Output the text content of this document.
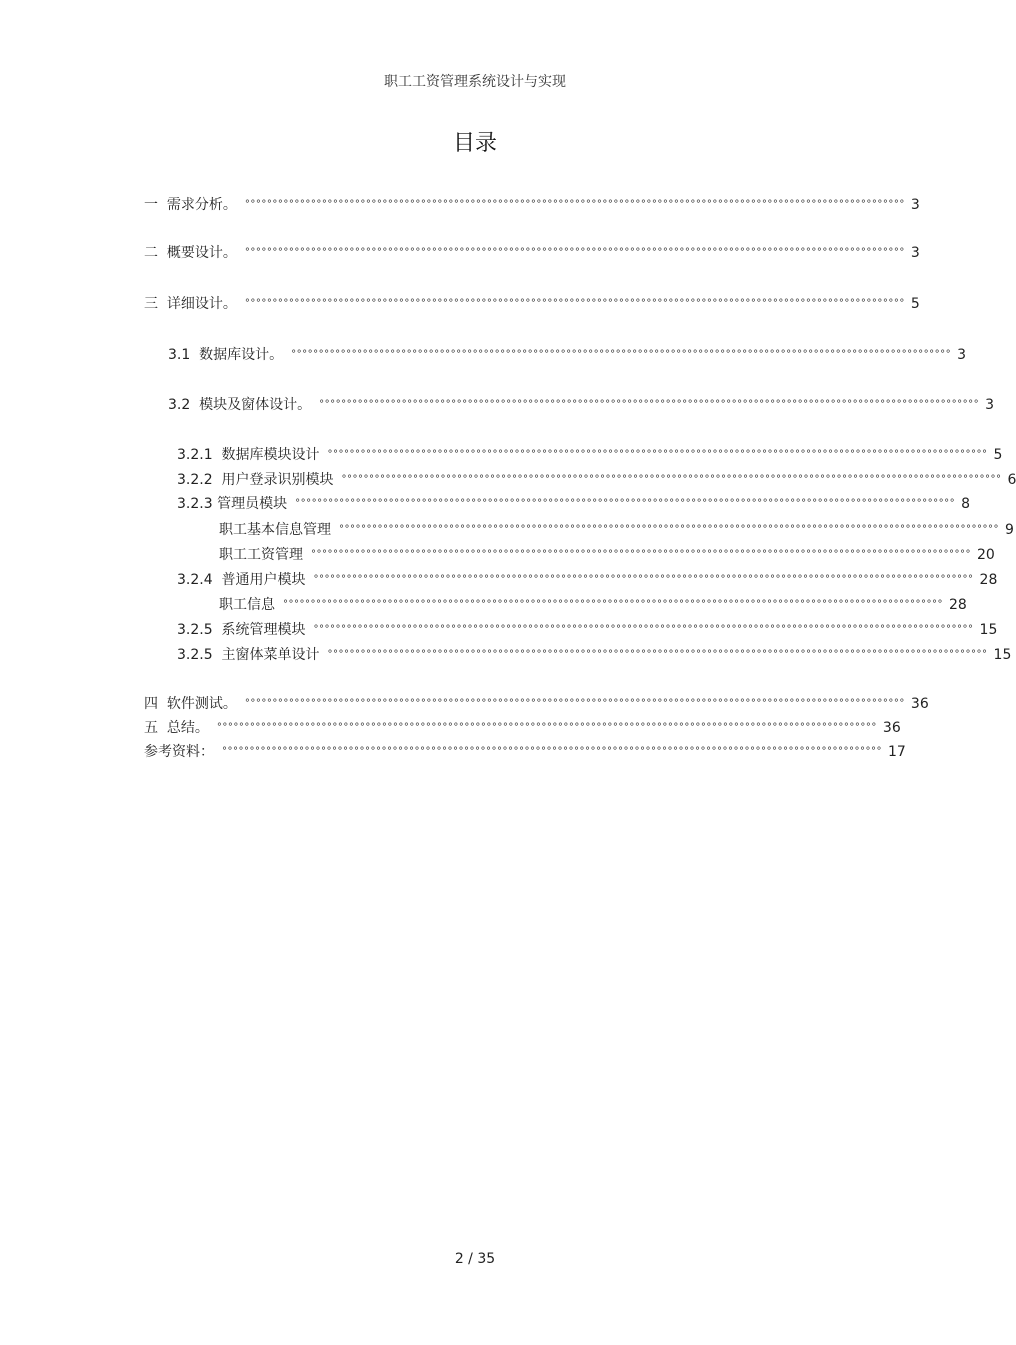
职工工资管理系统设计与实现
目录
一 需求分析。 °°°°°°°°°°°°°°°°°°°°°°°°°°°°°°°°°°°°°°°°°°°°°°°°°°°°°°°°°°°°°°°°°°°°°°°°°°°°°°°°°°°°°°°°°°°°°°°°°°°°°°°°°°°°°°°°°°°°°°°° 3
二 概要设计。 °°°°°°°°°°°°°°°°°°°°°°°°°°°°°°°°°°°°°°°°°°°°°°°°°°°°°°°°°°°°°°°°°°°°°°°°°°°°°°°°°°°°°°°°°°°°°°°°°°°°°°°°°°°°°°°°°°°°°°°° 3
三 详细设计。 °°°°°°°°°°°°°°°°°°°°°°°°°°°°°°°°°°°°°°°°°°°°°°°°°°°°°°°°°°°°°°°°°°°°°°°°°°°°°°°°°°°°°°°°°°°°°°°°°°°°°°°°°°°°°°°°°°°°°°°° 5
3.1 数据库设计。 °°°°°°°°°°°°°°°°°°°°°°°°°°°°°°°°°°°°°°°°°°°°°°°°°°°°°°°°°°°°°°°°°°°°°°°°°°°°°°°°°°°°°°°°°°°°°°°°°°°°°°°°°°°°°°°°°°°°°°°° 3
3.2 模块及窗体设计。 °°°°°°°°°°°°°°°°°°°°°°°°°°°°°°°°°°°°°°°°°°°°°°°°°°°°°°°°°°°°°°°°°°°°°°°°°°°°°°°°°°°°°°°°°°°°°°°°°°°°°°°°°°°°°°°°°°°°°°°° 3
3.2.1 数据库模块设计 °°°°°°°°°°°°°°°°°°°°°°°°°°°°°°°°°°°°°°°°°°°°°°°°°°°°°°°°°°°°°°°°°°°°°°°°°°°°°°°°°°°°°°°°°°°°°°°°°°°°°°°°°°°°°°°°°°°°°°°° 5
3.2.2 用户登录识别模块 °°°°°°°°°°°°°°°°°°°°°°°°°°°°°°°°°°°°°°°°°°°°°°°°°°°°°°°°°°°°°°°°°°°°°°°°°°°°°°°°°°°°°°°°°°°°°°°°°°°°°°°°°°°°°°°°°°°°°°°° 6
3.2.3 管理员模块 °°°°°°°°°°°°°°°°°°°°°°°°°°°°°°°°°°°°°°°°°°°°°°°°°°°°°°°°°°°°°°°°°°°°°°°°°°°°°°°°°°°°°°°°°°°°°°°°°°°°°°°°°°°°°°°°°°°°°°°° 8
职工基本信息管理 °°°°°°°°°°°°°°°°°°°°°°°°°°°°°°°°°°°°°°°°°°°°°°°°°°°°°°°°°°°°°°°°°°°°°°°°°°°°°°°°°°°°°°°°°°°°°°°°°°°°°°°°°°°°°°°°°°°°°°°° 9
职工工资管理 °°°°°°°°°°°°°°°°°°°°°°°°°°°°°°°°°°°°°°°°°°°°°°°°°°°°°°°°°°°°°°°°°°°°°°°°°°°°°°°°°°°°°°°°°°°°°°°°°°°°°°°°°°°°°°°°°°°°°°°° 20
3.2.4 普通用户模块 °°°°°°°°°°°°°°°°°°°°°°°°°°°°°°°°°°°°°°°°°°°°°°°°°°°°°°°°°°°°°°°°°°°°°°°°°°°°°°°°°°°°°°°°°°°°°°°°°°°°°°°°°°°°°°°°°°°°°°°° 28
职工信息 °°°°°°°°°°°°°°°°°°°°°°°°°°°°°°°°°°°°°°°°°°°°°°°°°°°°°°°°°°°°°°°°°°°°°°°°°°°°°°°°°°°°°°°°°°°°°°°°°°°°°°°°°°°°°°°°°°°°°°°° 28
3.2.5 系统管理模块 °°°°°°°°°°°°°°°°°°°°°°°°°°°°°°°°°°°°°°°°°°°°°°°°°°°°°°°°°°°°°°°°°°°°°°°°°°°°°°°°°°°°°°°°°°°°°°°°°°°°°°°°°°°°°°°°°°°°°°°° 15
3.2.5 主窗体菜单设计 °°°°°°°°°°°°°°°°°°°°°°°°°°°°°°°°°°°°°°°°°°°°°°°°°°°°°°°°°°°°°°°°°°°°°°°°°°°°°°°°°°°°°°°°°°°°°°°°°°°°°°°°°°°°°°°°°°°°°°°° 15
四 软件测试。 °°°°°°°°°°°°°°°°°°°°°°°°°°°°°°°°°°°°°°°°°°°°°°°°°°°°°°°°°°°°°°°°°°°°°°°°°°°°°°°°°°°°°°°°°°°°°°°°°°°°°°°°°°°°°°°°°°°°°°°° 36
五 总结。 °°°°°°°°°°°°°°°°°°°°°°°°°°°°°°°°°°°°°°°°°°°°°°°°°°°°°°°°°°°°°°°°°°°°°°°°°°°°°°°°°°°°°°°°°°°°°°°°°°°°°°°°°°°°°°°°°°°°°°°° 36
参考资料： °°°°°°°°°°°°°°°°°°°°°°°°°°°°°°°°°°°°°°°°°°°°°°°°°°°°°°°°°°°°°°°°°°°°°°°°°°°°°°°°°°°°°°°°°°°°°°°°°°°°°°°°°°°°°°°°°°°°°°°° 17
2 / 35
